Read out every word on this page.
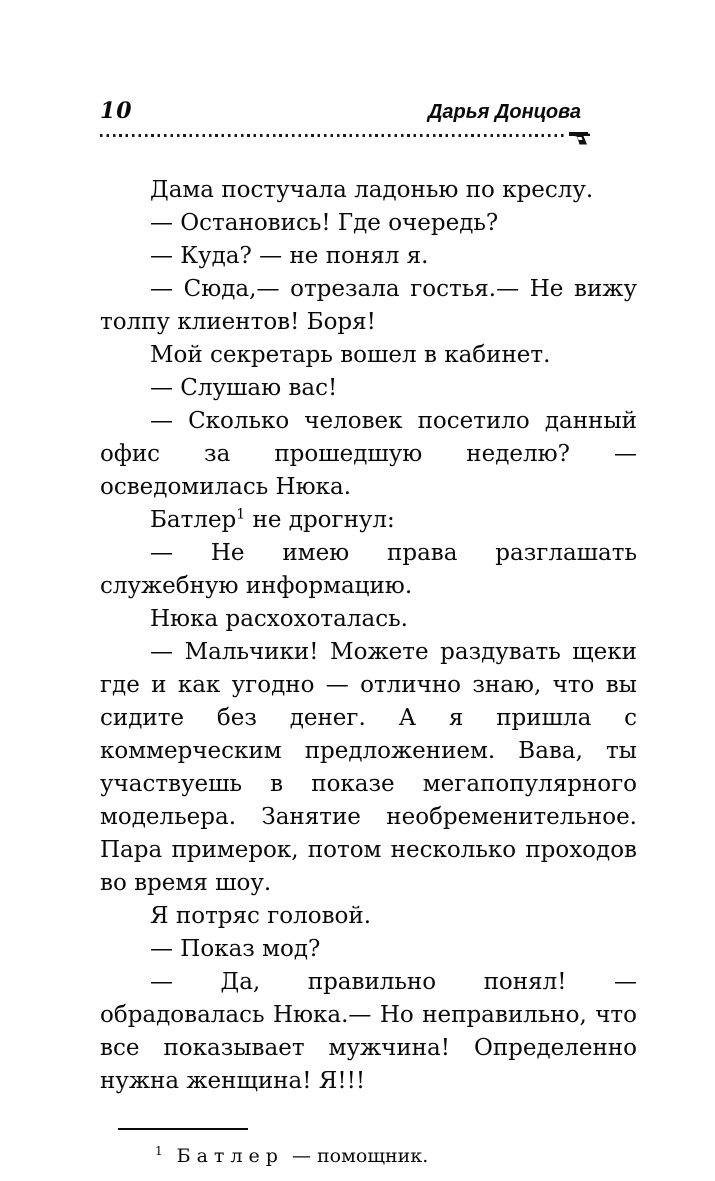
10	Дарья Донцова

Дама постучала ладонью по креслу.

— Остановись! Где очередь?

— Куда? — не понял я.

— Сюда,— отрезала гостья.— Не вижу толпу клиентов! Боря!

Мой секретарь вошел в кабинет.

— Слушаю вас!

— Сколько человек посетило данный офис за прошедшую неделю? — осведомилась Нюка.

Батлер$^1$ не дрогнул:

— Не имею права разглашать служебную информацию.

Нюка расхохоталась.

— Мальчики! Можете раздувать щеки где и как угодно — отлично знаю, что вы сидите без денег. А я пришла с коммерческим предложением. Вава, ты участвуешь в показе мегапопулярного модельера. Занятие необременительное. Пара примерок, потом несколько проходов во время шоу.

Я потряс головой.

— Показ мод?

— Да, правильно понял! — обрадовалась Нюка.— Но неправильно, что все показывает мужчина! Определенно нужна женщина! Я!!!

$^1$ Батлер — помощник.
